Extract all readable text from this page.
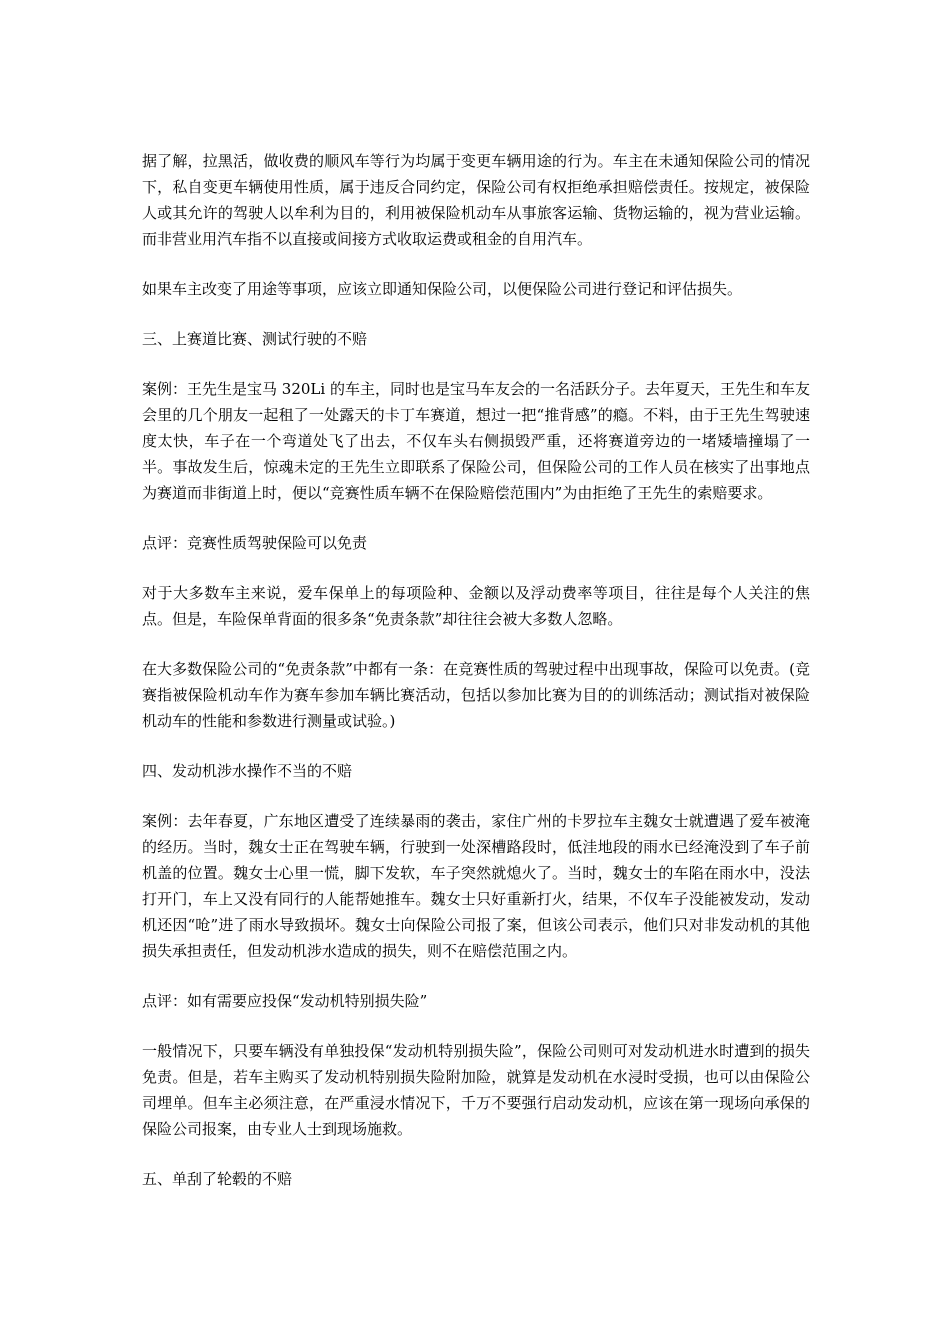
据了解，拉黑活，做收费的顺风车等行为均属于变更车辆用途的行为。车主在未通知保险公司的情况下，私自变更车辆使用性质，属于违反合同约定，保险公司有权拒绝承担赔偿责任。按规定，被保险人或其允许的驾驶人以牟利为目的，利用被保险机动车从事旅客运输、货物运输的，视为营业运输。而非营业用汽车指不以直接或间接方式收取运费或租金的自用汽车。

如果车主改变了用途等事项，应该立即通知保险公司，以便保险公司进行登记和评估损失。

三、上赛道比赛、测试行驶的不赔

案例：王先生是宝马 320Li 的车主，同时也是宝马车友会的一名活跃分子。去年夏天，王先生和车友会里的几个朋友一起租了一处露天的卡丁车赛道，想过一把“推背感”的瘾。不料，由于王先生驾驶速度太快，车子在一个弯道处飞了出去，不仅车头右侧损毁严重，还将赛道旁边的一堵矮墙撞塌了一半。事故发生后，惊魂未定的王先生立即联系了保险公司，但保险公司的工作人员在核实了出事地点为赛道而非街道上时，便以“竞赛性质车辆不在保险赔偿范围内”为由拒绝了王先生的索赔要求。

点评：竞赛性质驾驶保险可以免责

对于大多数车主来说，爱车保单上的每项险种、金额以及浮动费率等项目，往往是每个人关注的焦点。但是，车险保单背面的很多条“免责条款”却往往会被大多数人忽略。

在大多数保险公司的“免责条款”中都有一条：在竞赛性质的驾驶过程中出现事故，保险可以免责。(竞赛指被保险机动车作为赛车参加车辆比赛活动，包括以参加比赛为目的的训练活动；测试指对被保险机动车的性能和参数进行测量或试验。)

四、发动机涉水操作不当的不赔

案例：去年春夏，广东地区遭受了连续暴雨的袭击，家住广州的卡罗拉车主魏女士就遭遇了爱车被淹的经历。当时，魏女士正在驾驶车辆，行驶到一处深槽路段时，低洼地段的雨水已经淹没到了车子前机盖的位置。魏女士心里一慌，脚下发软，车子突然就熄火了。当时，魏女士的车陷在雨水中，没法打开门，车上又没有同行的人能帮她推车。魏女士只好重新打火，结果，不仅车子没能被发动，发动机还因“呛”进了雨水导致损坏。魏女士向保险公司报了案，但该公司表示，他们只对非发动机的其他损失承担责任，但发动机涉水造成的损失，则不在赔偿范围之内。

点评：如有需要应投保“发动机特别损失险”

一般情况下，只要车辆没有单独投保“发动机特别损失险”，保险公司则可对发动机进水时遭到的损失免责。但是，若车主购买了发动机特别损失险附加险，就算是发动机在水浸时受损，也可以由保险公司埋单。但车主必须注意，在严重浸水情况下，千万不要强行启动发动机，应该在第一现场向承保的保险公司报案，由专业人士到现场施救。

五、单刮了轮毂的不赔
